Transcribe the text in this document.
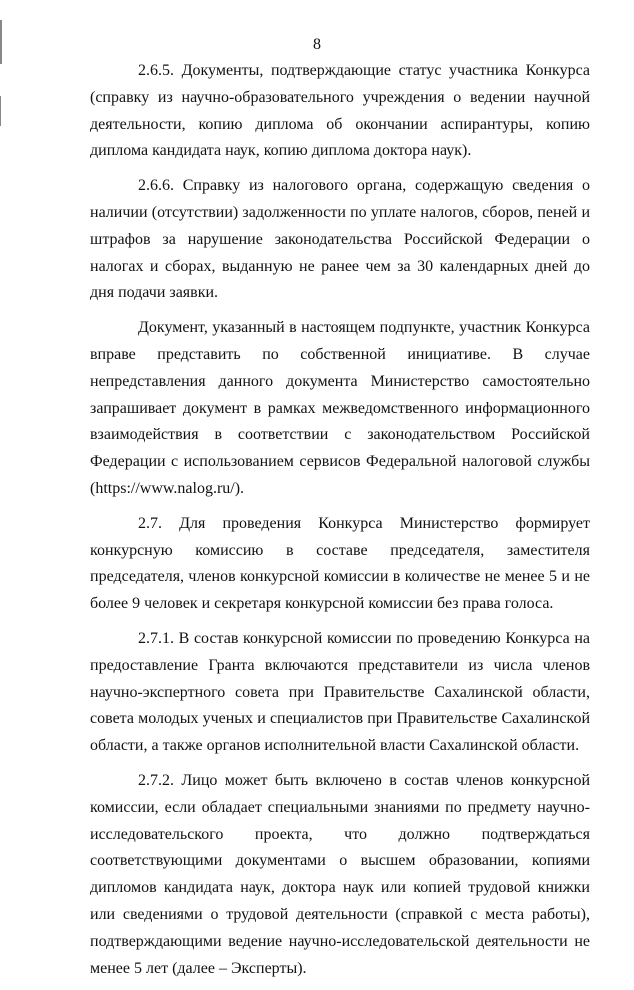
8

2.6.5. Документы, подтверждающие статус участника Конкурса (справку из научно-образовательного учреждения о ведении научной деятельности, копию диплома об окончании аспирантуры, копию диплома кандидата наук, копию диплома доктора наук).

2.6.6. Справку из налогового органа, содержащую сведения о наличии (отсутствии) задолженности по уплате налогов, сборов, пеней и штрафов за нарушение законодательства Российской Федерации о налогах и сборах, выданную не ранее чем за 30 календарных дней до дня подачи заявки.

Документ, указанный в настоящем подпункте, участник Конкурса вправе представить по собственной инициативе. В случае непредставления данного документа Министерство самостоятельно запрашивает документ в рамках межведомственного информационного взаимодействия в соответствии с законодательством Российской Федерации с использованием сервисов Федеральной налоговой службы (https://www.nalog.ru/).

2.7. Для проведения Конкурса Министерство формирует конкурсную комиссию в составе председателя, заместителя председателя, членов конкурсной комиссии в количестве не менее 5 и не более 9 человек и секретаря конкурсной комиссии без права голоса.

2.7.1. В состав конкурсной комиссии по проведению Конкурса на предоставление Гранта включаются представители из числа членов научно-экспертного совета при Правительстве Сахалинской области, совета молодых ученых и специалистов при Правительстве Сахалинской области, а также органов исполнительной власти Сахалинской области.

2.7.2. Лицо может быть включено в состав членов конкурсной комиссии, если обладает специальными знаниями по предмету научно-исследовательского проекта, что должно подтверждаться соответствующими документами о высшем образовании, копиями дипломов кандидата наук, доктора наук или копией трудовой книжки или сведениями о трудовой деятельности (справкой с места работы), подтверждающими ведение научно-исследовательской деятельности не менее 5 лет (далее – Эксперты).
